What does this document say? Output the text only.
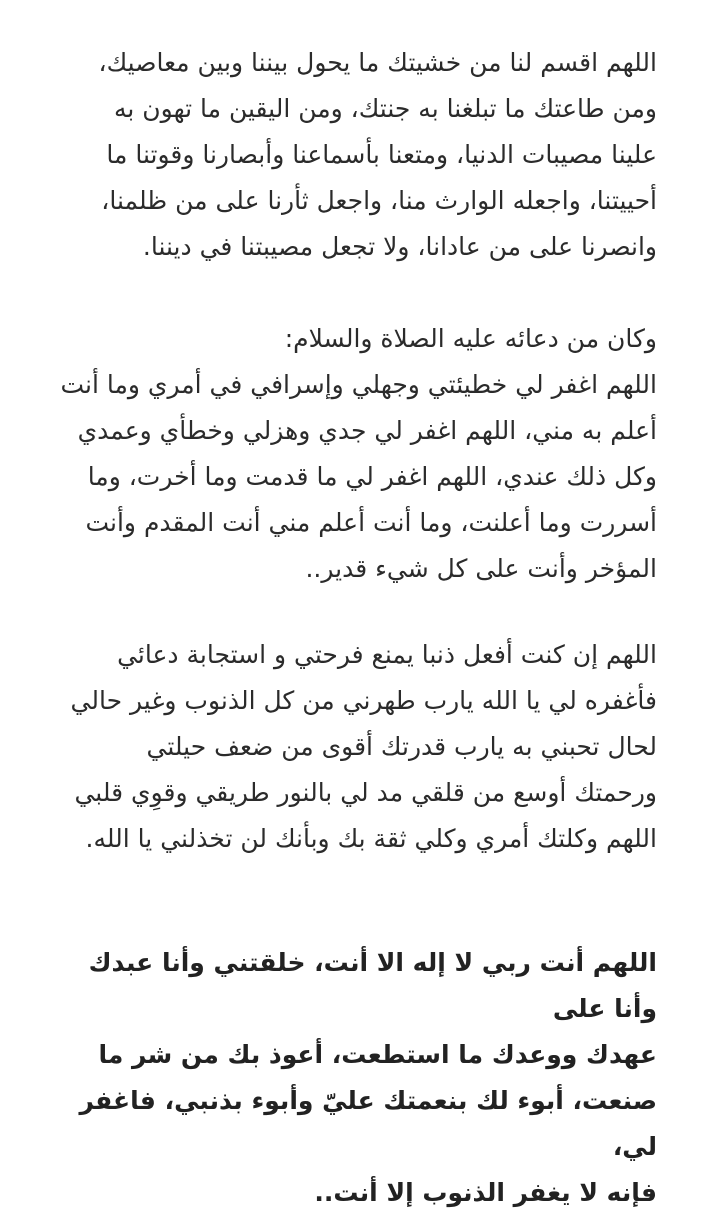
اللهم اقسم لنا من خشيتك ما يحول بيننا وبين معاصيك،
ومن طاعتك ما تبلغنا به جنتك، ومن اليقين ما تهون به
علينا مصيبات الدنيا، ومتعنا بأسماعنا وأبصارنا وقوتنا ما
أحييتنا، واجعله الوارث منا، واجعل ثأرنا على من ظلمنا،
وانصرنا على من عادانا، ولا تجعل مصيبتنا في ديننا.

وكان من دعائه عليه الصلاة والسلام:
اللهم اغفر لي خطيئتي وجهلي وإسرافي في أمري وما أنت
أعلم به مني، اللهم اغفر لي جدي وهزلي وخطأي وعمدي
وكل ذلك عندي، اللهم اغفر لي ما قدمت وما أخرت، وما
أسررت وما أعلنت، وما أنت أعلم مني أنت المقدم وأنت
المؤخر وأنت على كل شيء قدير..

اللهم إن كنت أفعل ذنبا يمنع فرحتي و استجابة دعائي
فأغفره لي يا الله يارب طهرني من كل الذنوب وغير حالي
لحال تحبني به يارب قدرتك أقوى من ضعف حيلتي
ورحمتك أوسع من قلقي مد لي بالنور طريقي وقوِي قلبي
اللهم وكلتك أمري وكلي ثقة بك وبأنك لن تخذلني يا الله.

اللهم أنت ربي لا إله الا أنت، خلقتني وأنا عبدك وأنا على
عهدك ووعدك ما استطعت، أعوذ بك من شر ما
صنعت، أبوء لك بنعمتك عليّ وأبوء بذنبي، فاغفر لي،
فإنه لا يغفر الذنوب إلا أنت..
